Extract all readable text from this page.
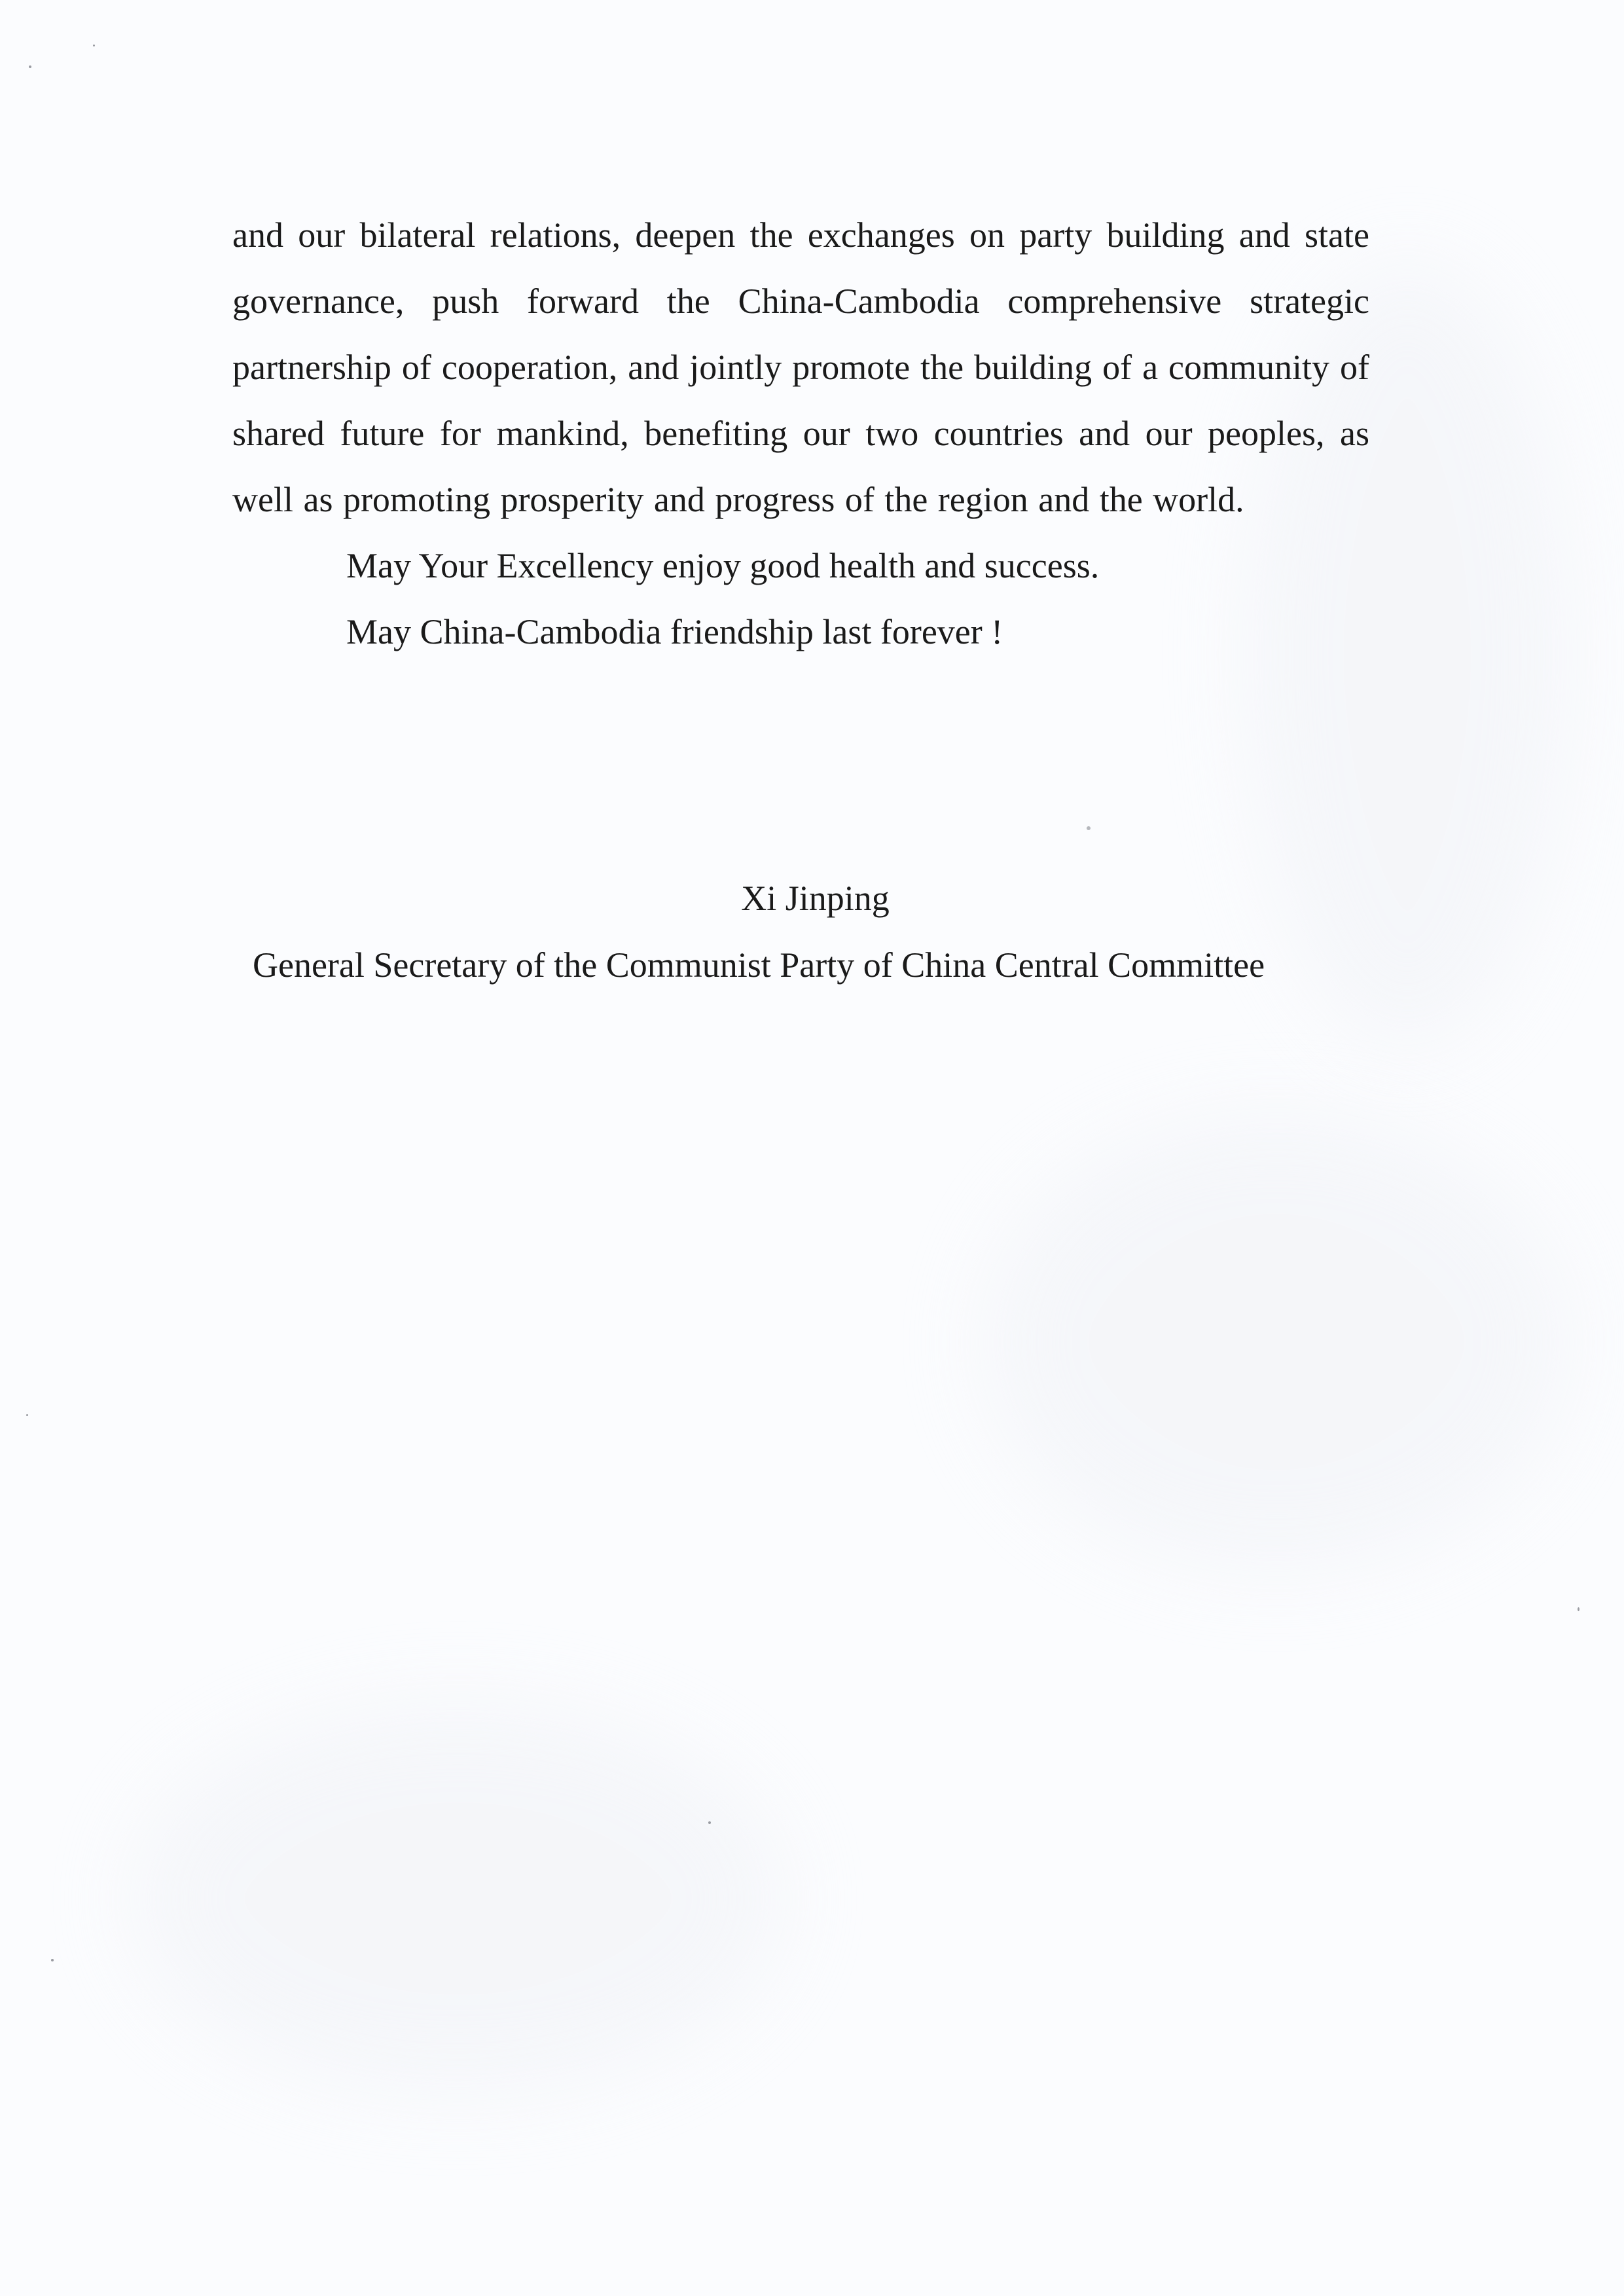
and our bilateral relations, deepen the exchanges on party building and state governance, push forward the China-Cambodia comprehensive strategic partnership of cooperation, and jointly promote the building of a community of shared future for mankind, benefiting our two countries and our peoples, as well as promoting prosperity and progress of the region and the world.

May Your Excellency enjoy good health and success.

May China-Cambodia friendship last forever !

Xi Jinping
General Secretary of the Communist Party of China Central Committee
